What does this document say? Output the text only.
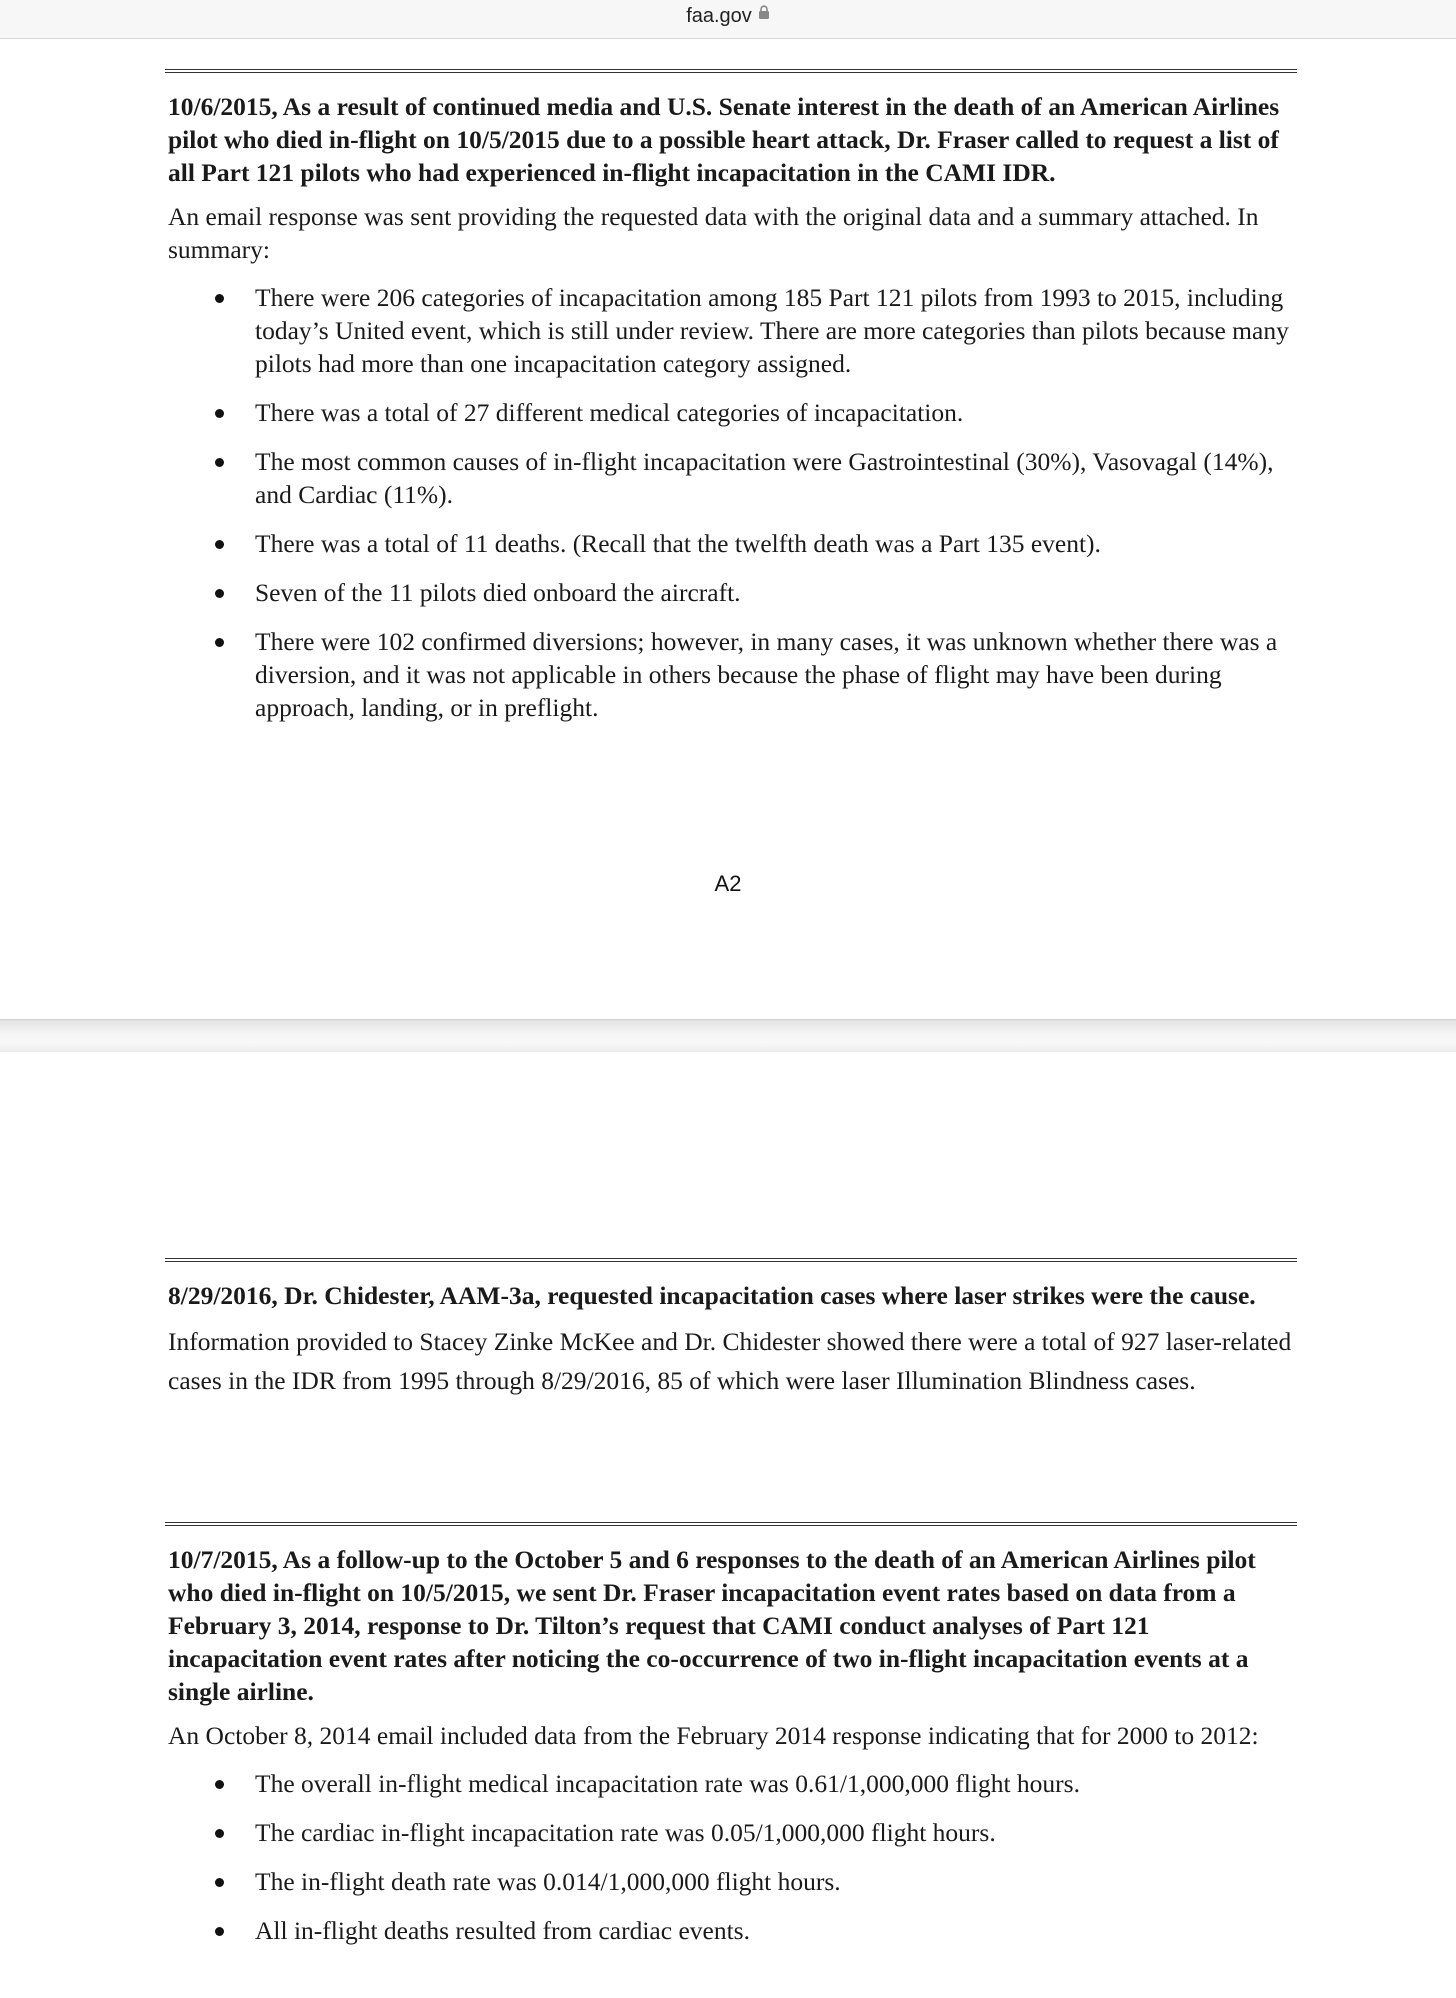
faa.gov

10/6/2015, As a result of continued media and U.S. Senate interest in the death of an American Airlines pilot who died in-flight on 10/5/2015 due to a possible heart attack, Dr. Fraser called to request a list of all Part 121 pilots who had experienced in-flight incapacitation in the CAMI IDR.

An email response was sent providing the requested data with the original data and a summary attached. In summary:

There were 206 categories of incapacitation among 185 Part 121 pilots from 1993 to 2015, including today’s United event, which is still under review. There are more categories than pilots because many pilots had more than one incapacitation category assigned.
There was a total of 27 different medical categories of incapacitation.
The most common causes of in-flight incapacitation were Gastrointestinal (30%), Vasovagal (14%), and Cardiac (11%).
There was a total of 11 deaths. (Recall that the twelfth death was a Part 135 event).
Seven of the 11 pilots died onboard the aircraft.
There were 102 confirmed diversions; however, in many cases, it was unknown whether there was a diversion, and it was not applicable in others because the phase of flight may have been during approach, landing, or in preflight.
A2

8/29/2016, Dr. Chidester, AAM-3a, requested incapacitation cases where laser strikes were the cause.

Information provided to Stacey Zinke McKee and Dr. Chidester showed there were a total of 927 laser-related cases in the IDR from 1995 through 8/29/2016, 85 of which were laser Illumination Blindness cases.

10/7/2015, As a follow-up to the October 5 and 6 responses to the death of an American Airlines pilot who died in-flight on 10/5/2015, we sent Dr. Fraser incapacitation event rates based on data from a February 3, 2014, response to Dr. Tilton’s request that CAMI conduct analyses of Part 121 incapacitation event rates after noticing the co-occurrence of two in-flight incapacitation events at a single airline.

An October 8, 2014 email included data from the February 2014 response indicating that for 2000 to 2012:

The overall in-flight medical incapacitation rate was 0.61/1,000,000 flight hours.
The cardiac in-flight incapacitation rate was 0.05/1,000,000 flight hours.
The in-flight death rate was 0.014/1,000,000 flight hours.
All in-flight deaths resulted from cardiac events.
